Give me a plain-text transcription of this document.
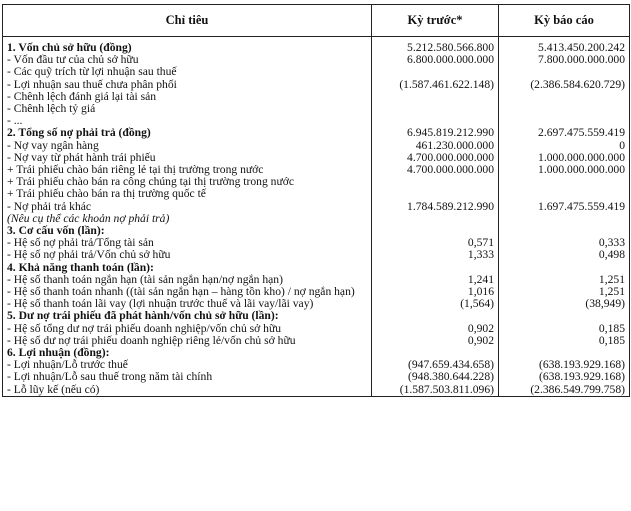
Chỉ tiêu	Kỳ trước*	Kỳ báo cáo
1. Vốn chủ sở hữu (đồng)	5.212.580.566.800	5.413.450.200.242
- Vốn đầu tư của chủ sở hữu	6.800.000.000.000	7.800.000.000.000
- Các quỹ trích từ lợi nhuận sau thuế		
- Lợi nhuận sau thuế chưa phân phối	(1.587.461.622.148)	(2.386.584.620.729)
- Chênh lệch đánh giá lại tài sản		
- Chênh lệch tỷ giá		
- ...		
2. Tổng số nợ phải trả (đồng)	6.945.819.212.990	2.697.475.559.419
- Nợ vay ngân hàng	461.230.000.000	0
- Nợ vay từ phát hành trái phiếu	4.700.000.000.000	1.000.000.000.000
+ Trái phiếu chào bán riêng lẻ tại thị trường trong nước	4.700.000.000.000	1.000.000.000.000
+ Trái phiếu chào bán ra công chúng tại thị trường trong nước		
+ Trái phiếu chào bán ra thị trường quốc tế		
- Nợ phải trả khác	1.784.589.212.990	1.697.475.559.419
(Nêu cụ thể các khoản nợ phải trả)		
3. Cơ cấu vốn (lần):		
- Hệ số nợ phải trả/Tổng tài sản	0,571	0,333
- Hệ số nợ phải trả/Vốn chủ sở hữu	1,333	0,498
4. Khả năng thanh toán (lần):		
- Hệ số thanh toán ngắn hạn (tài sản ngắn hạn/nợ ngắn hạn)	1,241	1,251
- Hệ số thanh toán nhanh ((tài sản ngắn hạn – hàng tồn kho) / nợ ngắn hạn)	1,016	1,251
- Hệ số thanh toán lãi vay (lợi nhuận trước thuế và lãi vay/lãi vay)	(1,564)	(38,949)
5. Dư nợ trái phiếu đã phát hành/vốn chủ sở hữu (lần):		
- Hệ số tổng dư nợ trái phiếu doanh nghiệp/vốn chủ sở hữu	0,902	0,185
- Hệ số dư nợ trái phiếu doanh nghiệp riêng lẻ/vốn chủ sở hữu	0,902	0,185
6. Lợi nhuận (đồng):		
- Lợi nhuận/Lỗ trước thuế	(947.659.434.658)	(638.193.929.168)
- Lợi nhuận/Lỗ sau thuế trong năm tài chính	(948.380.644.228)	(638.193.929.168)
- Lỗ lũy kế (nếu có)	(1.587.503.811.096)	(2.386.549.799.758)
